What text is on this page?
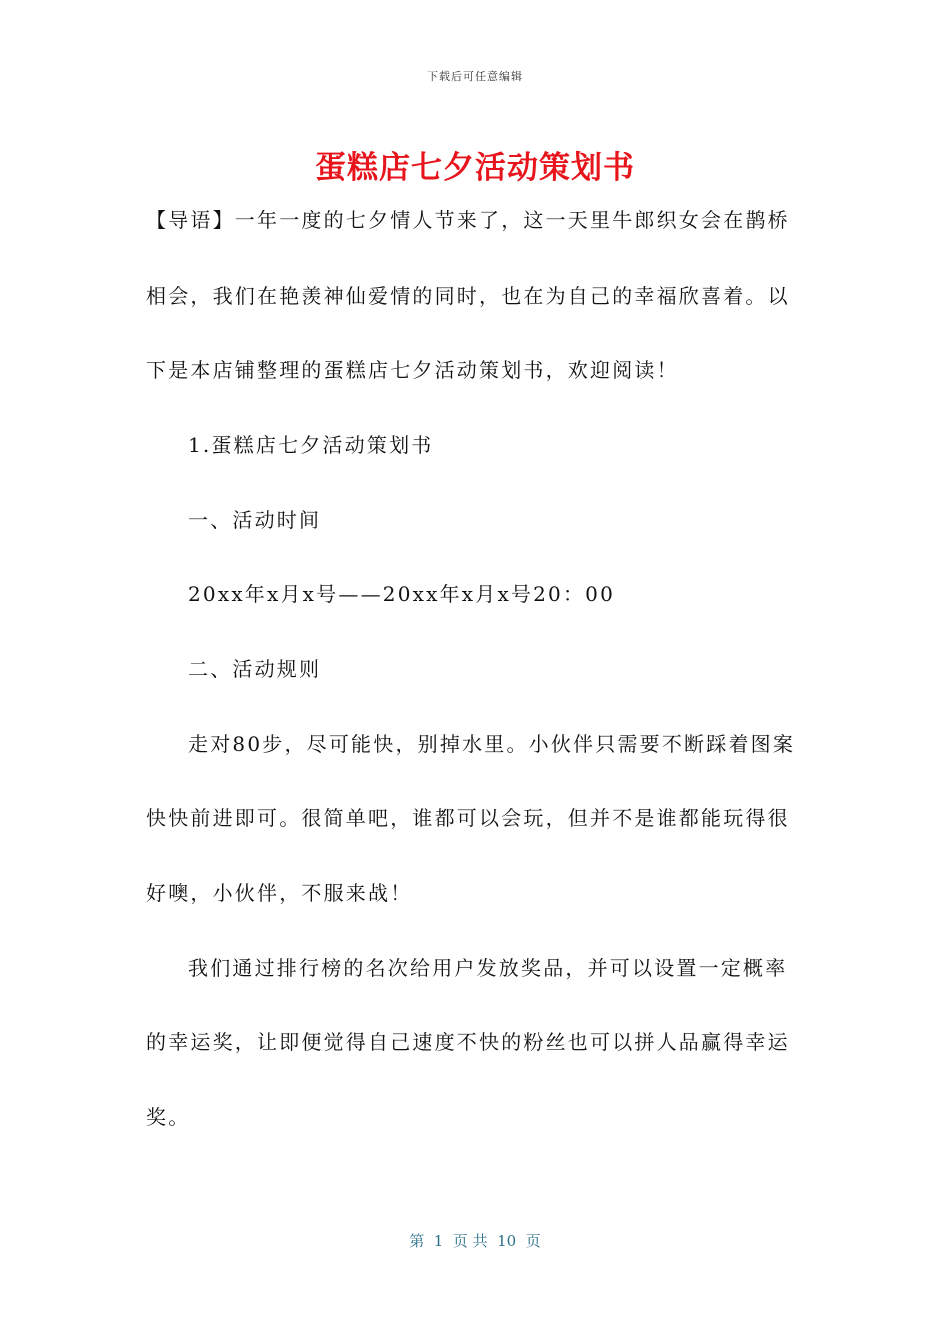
下载后可任意编辑
蛋糕店七夕活动策划书
【导语】一年一度的七夕情人节来了，这一天里牛郎织女会在鹊桥
相会，我们在艳羡神仙爱情的同时，也在为自己的幸福欣喜着。以
下是本店铺整理的蛋糕店七夕活动策划书，欢迎阅读！
1.蛋糕店七夕活动策划书
一、活动时间
20xx年x月x号——20xx年x月x号20：00
二、活动规则
走对80步，尽可能快，别掉水里。小伙伴只需要不断踩着图案
快快前进即可。很简单吧，谁都可以会玩，但并不是谁都能玩得很
好噢，小伙伴，不服来战！
我们通过排行榜的名次给用户发放奖品，并可以设置一定概率
的幸运奖，让即便觉得自己速度不快的粉丝也可以拼人品赢得幸运
奖。
第  1  页 共  10  页
